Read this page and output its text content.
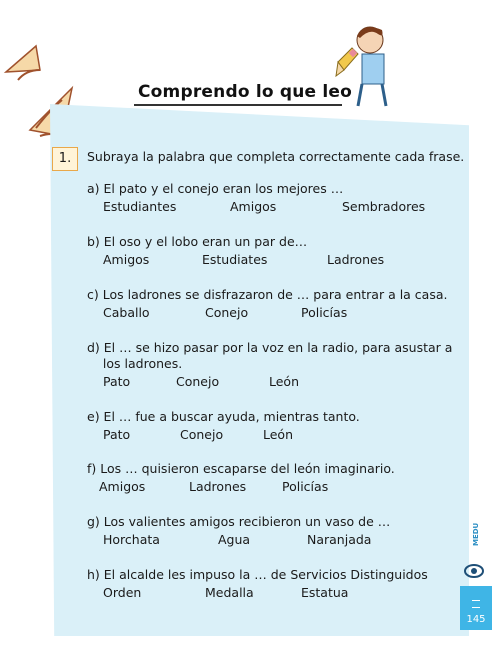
Comprendo lo que leo
1.	Subraya la palabra que completa correctamente cada frase.
a) El pato y el conejo eran los mejores …
Estudiantes	Amigos	Sembradores
b) El oso y el lobo eran un par de…
Amigos	Estudiates	Ladrones
c) Los ladrones se disfrazaron de … para entrar a la casa.
Caballo	Conejo	Policías
d) El … se hizo pasar por la voz en la radio, para asustar a
los ladrones.
Pato	Conejo	León
e) El … fue a buscar ayuda, mientras tanto.
Pato	Conejo	León
f) Los … quisieron escaparse del león imaginario.
Amigos	Ladrones	Policías
g) Los valientes amigos recibieron un vaso de …
Horchata	Agua	Naranjada
h) El alcalde les impuso la … de Servicios Distinguidos
Orden	Medalla	Estatua
MEDU
145
